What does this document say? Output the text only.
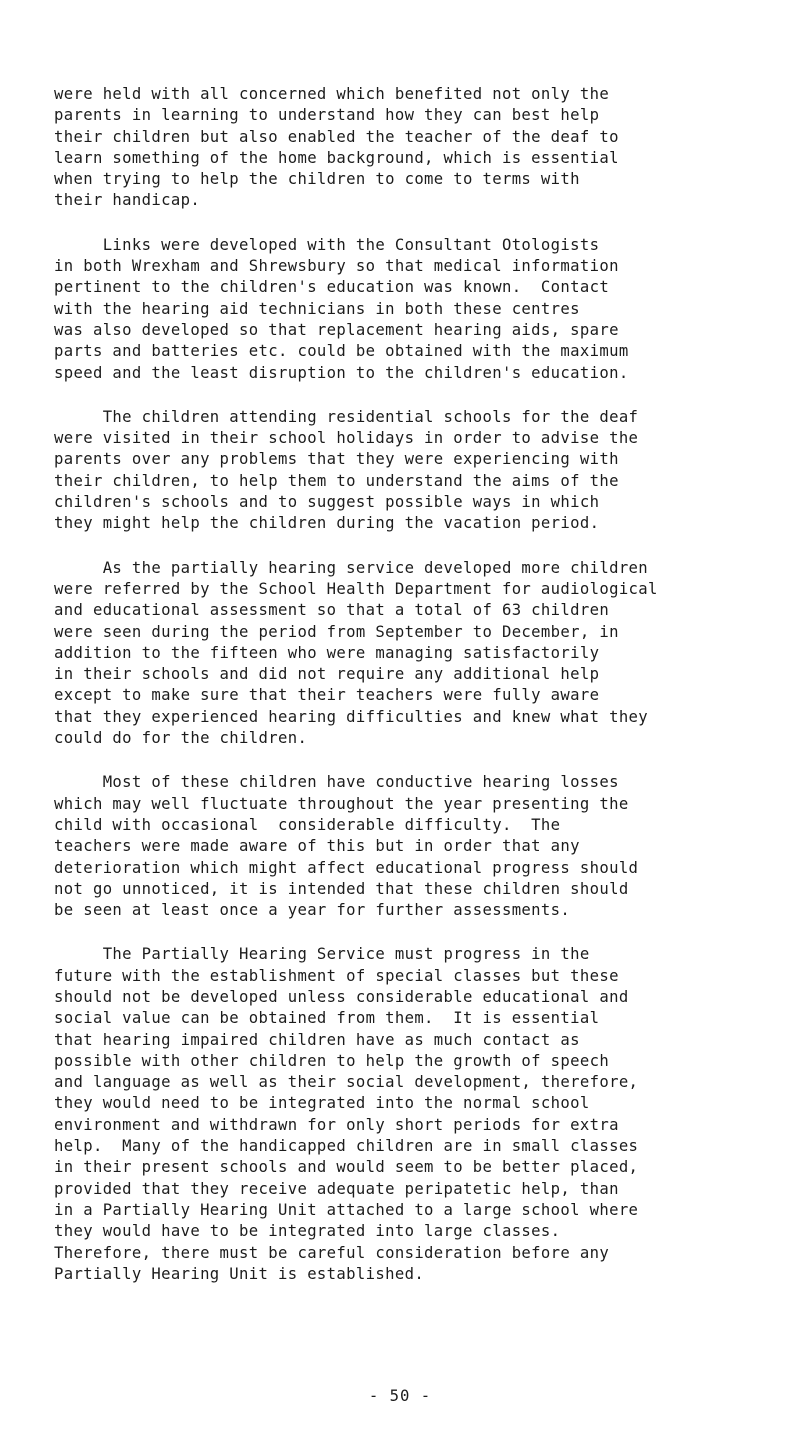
were held with all concerned which benefited not only the
parents in learning to understand how they can best help
their children but also enabled the teacher of the deaf to
learn something of the home background, which is essential
when trying to help the children to come to terms with
their handicap.
Links were developed with the Consultant Otologists
in both Wrexham and Shrewsbury so that medical information
pertinent to the children's education was known.  Contact
with the hearing aid technicians in both these centres
was also developed so that replacement hearing aids, spare
parts and batteries etc. could be obtained with the maximum
speed and the least disruption to the children's education.
The children attending residential schools for the deaf
were visited in their school holidays in order to advise the
parents over any problems that they were experiencing with
their children, to help them to understand the aims of the
children's schools and to suggest possible ways in which
they might help the children during the vacation period.
As the partially hearing service developed more children
were referred by the School Health Department for audiological
and educational assessment so that a total of 63 children
were seen during the period from September to December, in
addition to the fifteen who were managing satisfactorily
in their schools and did not require any additional help
except to make sure that their teachers were fully aware
that they experienced hearing difficulties and knew what they
could do for the children.
Most of these children have conductive hearing losses
which may well fluctuate throughout the year presenting the
child with occasional  considerable difficulty.  The
teachers were made aware of this but in order that any
deterioration which might affect educational progress should
not go unnoticed, it is intended that these children should
be seen at least once a year for further assessments.
The Partially Hearing Service must progress in the
future with the establishment of special classes but these
should not be developed unless considerable educational and
social value can be obtained from them.  It is essential
that hearing impaired children have as much contact as
possible with other children to help the growth of speech
and language as well as their social development, therefore,
they would need to be integrated into the normal school
environment and withdrawn for only short periods for extra
help.  Many of the handicapped children are in small classes
in their present schools and would seem to be better placed,
provided that they receive adequate peripatetic help, than
in a Partially Hearing Unit attached to a large school where
they would have to be integrated into large classes.
Therefore, there must be careful consideration before any
Partially Hearing Unit is established.
- 50 -
